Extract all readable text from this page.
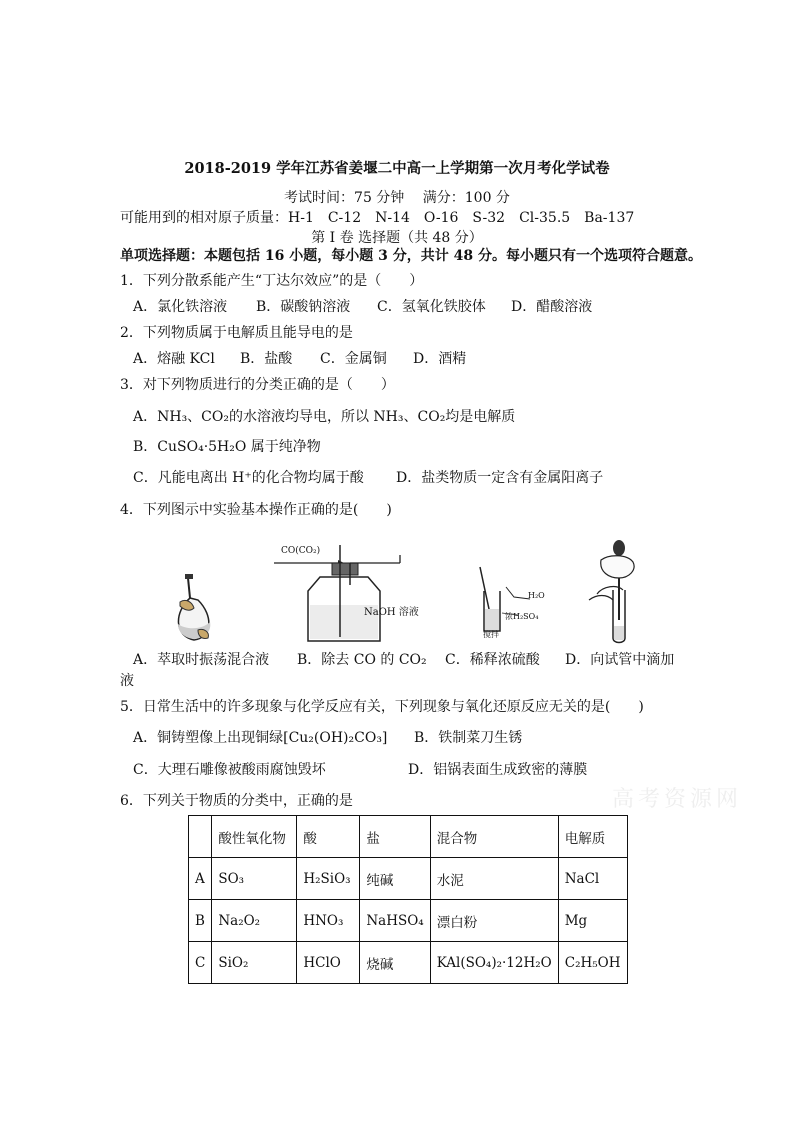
2018-2019 学年江苏省姜堰二中高一上学期第一次月考化学试卷
考试时间：75 分钟　 满分：100 分
可能用到的相对原子质量：H-1　C-12　N-14　O-16　S-32　Cl-35.5　Ba-137
第 I 卷 选择题（共 48 分）
单项选择题：本题包括 16 小题，每小题 3 分，共计 48 分。每小题只有一个选项符合题意。
1．下列分散系能产生“丁达尔效应”的是（　　）
A．氯化铁溶液 B．碳酸钠溶液 C．氢氧化铁胶体 D．醋酸溶液
2．下列物质属于电解质且能导电的是
A．熔融 KCl B．盐酸 C．金属铜 D．酒精
3．对下列物质进行的分类正确的是（　　）
A．NH₃、CO₂的水溶液均导电，所以 NH₃、CO₂均是电解质
B．CuSO₄·5H₂O 属于纯净物
C．凡能电离出 H⁺的化合物均属于酸 D．盐类物质一定含有金属阳离子
4．下列图示中实验基本操作正确的是(　　)
CO(CO₂)
NaOH 溶液
H₂O
浓H₂SO₄
搅拌
A．萃取时振荡混合液 B．除去 CO 的 CO₂ C．稀释浓硫酸 D．向试管中滴加
液
5．日常生活中的许多现象与化学反应有关，下列现象与氧化还原反应无关的是(　　)
A．铜铸塑像上出现铜绿[Cu₂(OH)₂CO₃] B．铁制菜刀生锈
C．大理石雕像被酸雨腐蚀毁坏	D．铝锅表面生成致密的薄膜
高考资源网
6．下列关于物质的分类中，正确的是
	酸性氧化物	酸	盐	混合物	电解质
A	SO₃	H₂SiO₃	纯碱	水泥	NaCl
B	Na₂O₂	HNO₃	NaHSO₄	漂白粉	Mg
C	SiO₂	HClO	烧碱	KAl(SO₄)₂·12H₂O	C₂H₅OH
